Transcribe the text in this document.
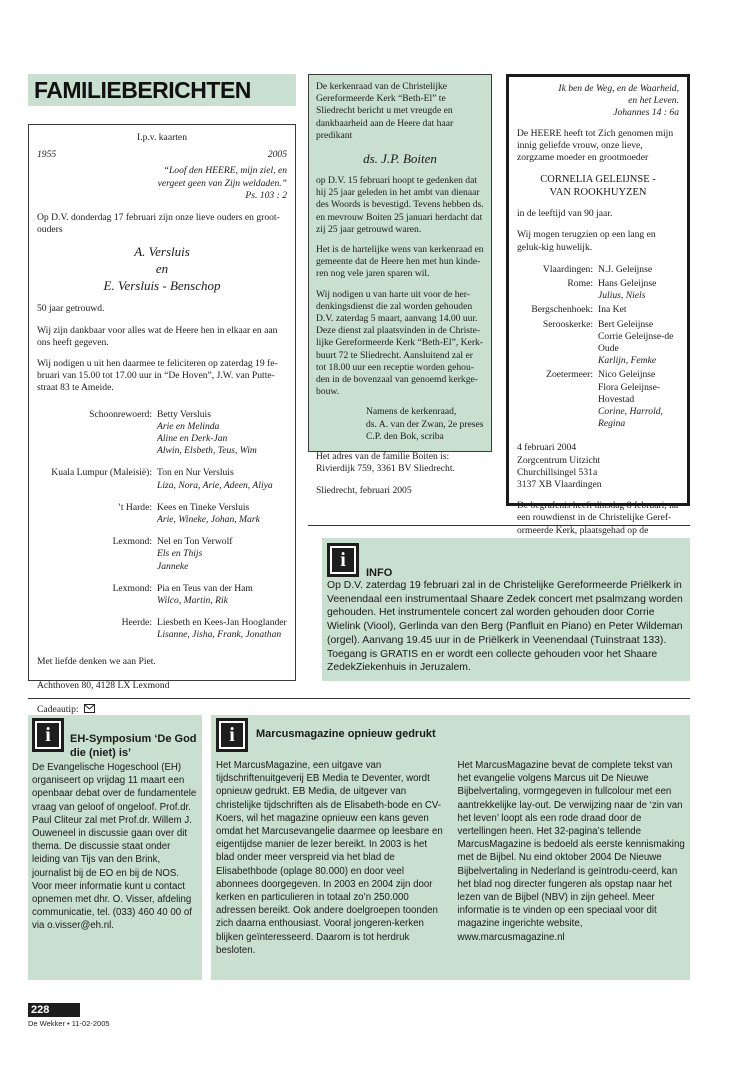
FAMILIEBERICHTEN

I.p.v. kaarten

1955	2005

“Loof den HEERE, mijn ziel, en

vergeet geen van Zijn weldaden.”

Ps. 103 : 2

Op D.V. donderdag 17 februari zijn onze lieve ouders en groot-ouders

A. Versluis

en

E. Versluis - Benschop

50 jaar getrouwd.

Wij zijn dankbaar voor alles wat de Heere hen in elkaar en aan ons heeft gegeven.

Wij nodigen u uit hen daarmee te feliciteren op zaterdag 19 fe-bruari van 15.00 tot 17.00 uur in “De Hoven”, J.W. van Putte-straat 83 te Ameide.

Schoonrewoerd: Betty Versluis

Arie en Melinda

Aline en Derk-Jan

Alwin, Elsbeth, Teus, Wim

Kuala Lumpur (Maleisië): Ton en Nur Versluis

Liza, Nora, Arie, Adeen, Aliya

’t Harde: Kees en Tineke Versluis

Arie, Wineke, Johan, Mark

Lexmond: Nel en Ton Verwolf

Els en Thijs

Janneke

Lexmond: Pia en Teus van der Ham

Wilco, Martin, Rik

Heerde: Liesbeth en Kees-Jan Hooglander

Lisanne, Jisha, Frank, Jonathan

Met liefde denken we aan Piet.

Achthoven 80, 4128 LX Lexmond

Cadeautip:

De kerkenraad van de Christelijke Gereformeerde Kerk “Beth-El” te Sliedrecht bericht u met vreugde en dankbaarheid aan de Heere dat haar predikant

ds. J.P. Boiten

op D.V. 15 februari hoopt te gedenken dat hij 25 jaar geleden in het ambt van dienaar des Woords is bevestigd. Tevens hebben ds. en mevrouw Boiten 25 januari herdacht dat zij 25 jaar getrouwd waren.

Het is de hartelijke wens van kerkenraad en gemeente dat de Heere hen met hun kinde-ren nog vele jaren sparen wil.

Wij nodigen u van harte uit voor de her-denkingsdienst die zal worden gehouden D.V. zaterdag 5 maart, aanvang 14.00 uur. Deze dienst zal plaatsvinden in de Christe-lijke Gereformeerde Kerk “Beth-El”, Kerk-buurt 72 te Sliedrecht. Aansluitend zal er tot 18.00 uur een receptie worden gehou-den in de bovenzaal van genoemd kerkge-bouw.

Namens de kerkenraad,

ds. A. van der Zwan, 2e preses

C.P. den Bok, scriba

Het adres van de familie Boiten is: Rivierdijk 759, 3361 BV Sliedrecht.

Sliedrecht, februari 2005

Ik ben de Weg, en de Waarheid,

en het Leven.

Johannes 14 : 6a

De HEERE heeft tot Zich genomen mijn innig geliefde vrouw, onze lieve, zorgzame moeder en grootmoeder

CORNELIA GELEIJNSE -

VAN ROOKHUYZEN

in de leeftijd van 90 jaar.

Wij mogen terugzien op een lang en geluk-kig huwelijk.

Vlaardingen: N.J. Geleijnse

Rome: Hans Geleijnse

Julius, Niels

Bergschenhoek: Ina Ket

Serooskerke: Bert Geleijnse

Corrie Geleijnse-de Oude

Karlijn, Femke

Zoetermeer: Nico Geleijnse

Flora Geleijnse-Hovestad

Corine, Harrold, Regina

4 februari 2004

Zorgcentrum Uitzicht

Churchillsingel 531a

3137 XB Vlaardingen

De begrafenis heeft dinsdag 8 februari, na een rouwdienst in de Christelijke Geref-ormeerde Kerk, plaatsgehad op de

i
INFO

Op D.V. zaterdag 19 februari zal in de Christelijke Gereformeerde Priëlkerk in Veenendaal een instrumentaal Shaare Zedek concert met psalmzang worden gehouden. Het instrumentele concert zal worden gehouden door Corrie Wielink (Viool), Gerlinda van den Berg (Panfluit en Piano) en Peter Wildeman (orgel). Aanvang 19.45 uur in de Priëlkerk in Veenendaal (Tuinstraat 133). Toegang is GRATIS en er wordt een collecte gehouden voor het Shaare ZedekZiekenhuis in Jeruzalem.

i	EH-Symposium ‘De God die (niet) is’

De Evangelische Hogeschool (EH) organiseert op vrijdag 11 maart een openbaar debat over de fundamentele vraag van geloof of ongeloof. Prof.dr. Paul Cliteur zal met Prof.dr. Willem J. Ouweneel in discussie gaan over dit thema. De discussie staat onder leiding van Tijs van den Brink, journalist bij de EO en bij de NOS. Voor meer informatie kunt u contact opnemen met dhr. O. Visser, afdeling communicatie, tel. (033) 460 40 00 of via o.visser@eh.nl.

i	Marcusmagazine opnieuw gedrukt

Het MarcusMagazine, een uitgave van tijdschriftenuitgeverij EB Media te Deventer, wordt opnieuw gedrukt. EB Media, de uitgever van christelijke tijdschriften als de Elisabeth-bode en CV-Koers, wil het magazine opnieuw een kans geven omdat het Marcusevangelie daarmee op leesbare en eigentijdse manier de lezer bereikt. In 2003 is het blad onder meer verspreid via het blad de Elisabethbode (oplage 80.000) en door veel abonnees doorgegeven. In 2003 en 2004 zijn door kerken en particulieren in totaal zo’n 250.000 adressen bereikt. Ook andere doelgroepen toonden zich daarna enthousiast. Vooral jongeren-kerken blijken geïnteresseerd. Daarom is tot herdruk besloten.

Het MarcusMagazine bevat de complete tekst van het evangelie volgens Marcus uit De Nieuwe Bijbelvertaling, vormgegeven in fullcolour met een aantrekkelijke lay-out. De verwijzing naar de ‘zin van het leven’ loopt als een rode draad door de vertellingen heen. Het 32-pagina’s tellende MarcusMagazine is bedoeld als eerste kennismaking met de Bijbel. Nu eind oktober 2004 De Nieuwe Bijbelvertaling in Nederland is geïntrodu-ceerd, kan het blad nog directer fungeren als opstap naar het lezen van de Bijbel (NBV) in zijn geheel. Meer informatie is te vinden op een speciaal voor dit magazine ingerichte website, www.marcusmagazine.nl

228
De Wekker • 11-02-2005
